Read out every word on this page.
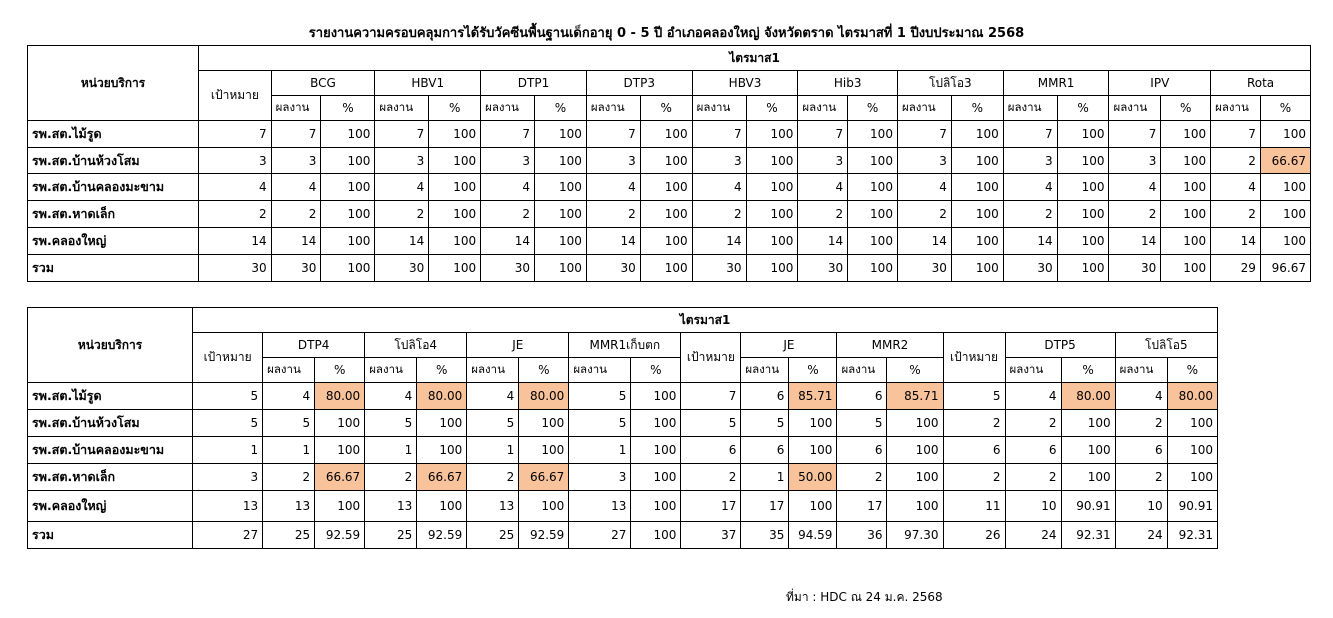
รายงานความครอบคลุมการได้รับวัคซีนพื้นฐานเด็กอายุ 0 - 5 ปี อำเภอคลองใหญ่ จังหวัดตราด ไตรมาสที่ 1 ปีงบประมาณ 2568
หน่วยบริการ	ไตรมาส1																				
	เป้าหมาย	BCG		HBV1		DTP1		DTP3		HBV3		Hib3		โปลิโอ3		MMR1		IPV		Rota	
		ผลงาน	%	ผลงาน	%	ผลงาน	%	ผลงาน	%	ผลงาน	%	ผลงาน	%	ผลงาน	%	ผลงาน	%	ผลงาน	%	ผลงาน	%
รพ.สต.ไม้รูด	7	7	100	7	100	7	100	7	100	7	100	7	100	7	100	7	100	7	100	7	100
รพ.สต.บ้านห้วงโสม	3	3	100	3	100	3	100	3	100	3	100	3	100	3	100	3	100	3	100	2	66.67
รพ.สต.บ้านคลองมะขาม	4	4	100	4	100	4	100	4	100	4	100	4	100	4	100	4	100	4	100	4	100
รพ.สต.หาดเล็ก	2	2	100	2	100	2	100	2	100	2	100	2	100	2	100	2	100	2	100	2	100
รพ.คลองใหญ่	14	14	100	14	100	14	100	14	100	14	100	14	100	14	100	14	100	14	100	14	100
รวม	30	30	100	30	100	30	100	30	100	30	100	30	100	30	100	30	100	30	100	29	96.67
หน่วยบริการ	ไตรมาส1																		
	เป้าหมาย	DTP4		โปลิโอ4		JE		MMR1เก็บตก		เป้าหมาย	JE		MMR2		เป้าหมาย	DTP5		โปลิโอ5	
		ผลงาน	%	ผลงาน	%	ผลงาน	%	ผลงาน	%		ผลงาน	%	ผลงาน	%		ผลงาน	%	ผลงาน	%
รพ.สต.ไม้รูด	5	4	80.00	4	80.00	4	80.00	5	100	7	6	85.71	6	85.71	5	4	80.00	4	80.00
รพ.สต.บ้านห้วงโสม	5	5	100	5	100	5	100	5	100	5	5	100	5	100	2	2	100	2	100
รพ.สต.บ้านคลองมะขาม	1	1	100	1	100	1	100	1	100	6	6	100	6	100	6	6	100	6	100
รพ.สต.หาดเล็ก	3	2	66.67	2	66.67	2	66.67	3	100	2	1	50.00	2	100	2	2	100	2	100
รพ.คลองใหญ่	13	13	100	13	100	13	100	13	100	17	17	100	17	100	11	10	90.91	10	90.91
รวม	27	25	92.59	25	92.59	25	92.59	27	100	37	35	94.59	36	97.30	26	24	92.31	24	92.31
ที่มา : HDC ณ 24 ม.ค. 2568
